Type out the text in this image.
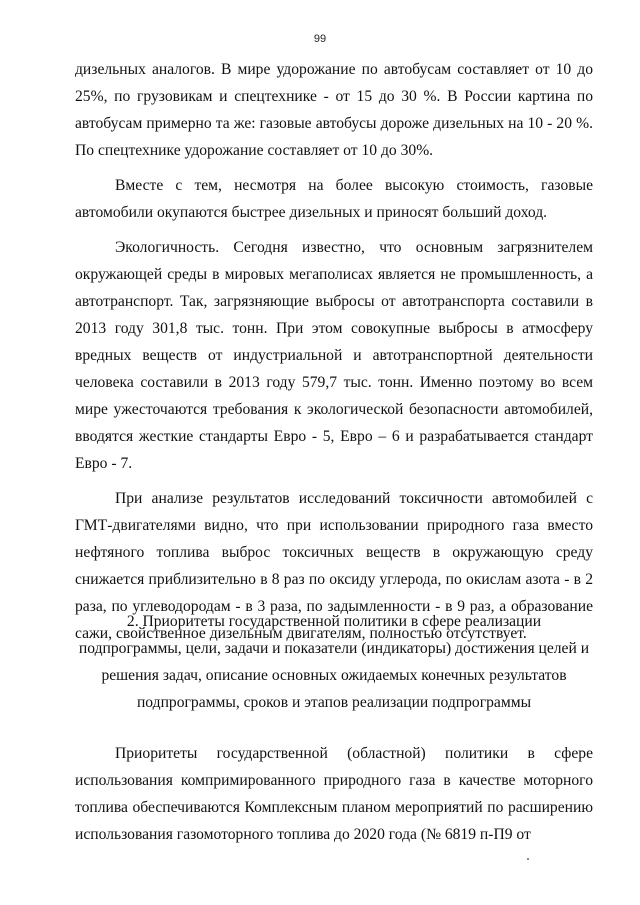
99

дизельных аналогов. В мире удорожание по автобусам составляет от 10 до 25%, по грузовикам и спецтехнике - от 15 до 30 %. В России картина по автобусам примерно та же: газовые автобусы дороже дизельных на 10 - 20 %. По спецтехнике удорожание составляет от 10 до 30%.

Вместе с тем, несмотря на более высокую стоимость, газовые автомобили окупаются быстрее дизельных и приносят больший доход.

Экологичность. Сегодня известно, что основным загрязнителем окружающей среды в мировых мегаполисах является не промышленность, а автотранспорт. Так, загрязняющие выбросы от автотранспорта составили в 2013 году 301,8 тыс. тонн. При этом совокупные выбросы в атмосферу вредных веществ от индустриальной и автотранспортной деятельности человека составили в 2013 году 579,7 тыс. тонн. Именно поэтому во всем мире ужесточаются требования к экологической безопасности автомобилей, вводятся жесткие стандарты Евро - 5, Евро – 6 и разрабатывается стандарт Евро - 7.

При анализе результатов исследований токсичности автомобилей с ГМТ-двигателями видно, что при использовании природного газа вместо нефтяного топлива выброс токсичных веществ в окружающую среду снижается приблизительно в 8 раз по оксиду углерода, по окислам азота - в 2 раза, по углеводородам - в 3 раза, по задымленности - в 9 раз, а образование сажи, свойственное дизельным двигателям, полностью отсутствует.

2. Приоритеты государственной политики в сфере реализации

подпрограммы, цели, задачи и показатели (индикаторы) достижения целей и

решения задач, описание основных ожидаемых конечных результатов

подпрограммы, сроков и этапов реализации подпрограммы

Приоритеты государственной (областной) политики в сфере использования компримированного природного газа в качестве моторного топлива обеспечиваются Комплексным планом мероприятий по расширению использования газомоторного топлива до 2020 года (№ 6819 п-П9 от
